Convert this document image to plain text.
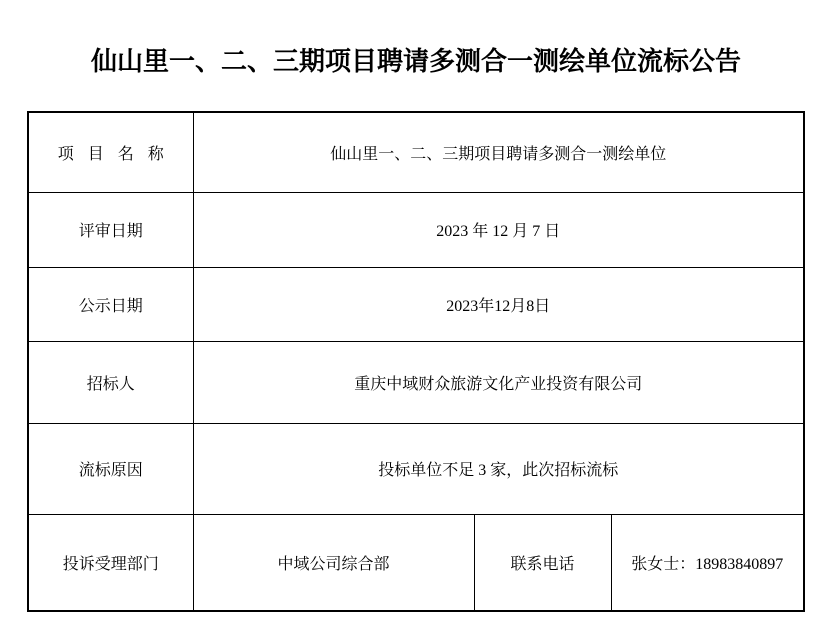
仙山里一、二、三期项目聘请多测合一测绘单位流标公告
项 目 名 称	仙山里一、二、三期项目聘请多测合一测绘单位		
评审日期	2023 年 12 月 7 日		
公示日期	2023年12月8日		
招标人	重庆中域财众旅游文化产业投资有限公司		
流标原因	投标单位不足 3 家，此次招标流标		
投诉受理部门	中域公司综合部	联系电话	张女士：18983840897
